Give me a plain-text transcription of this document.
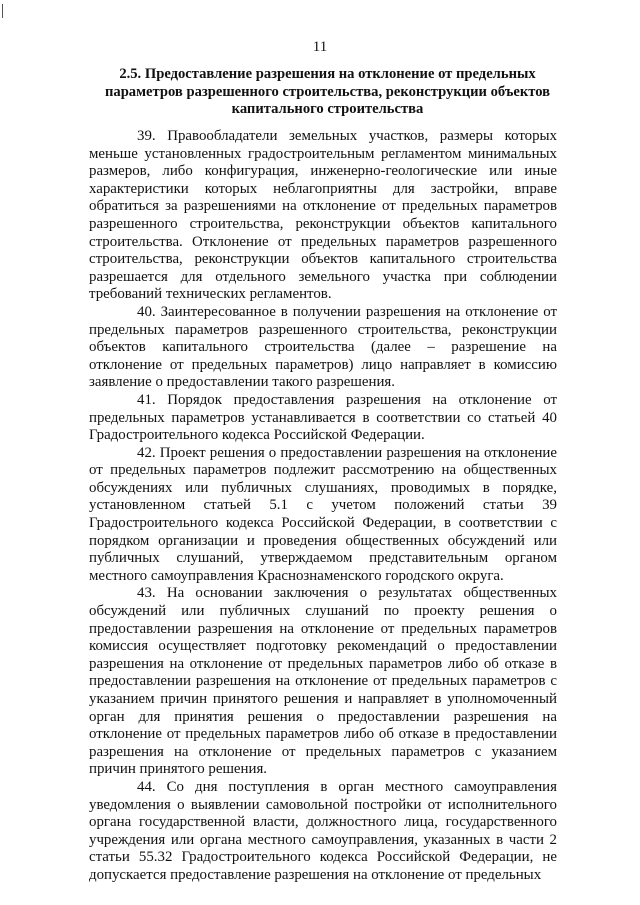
11
2.5. Предоставление разрешения на отклонение от предельных параметров разрешенного строительства, реконструкции объектов капитального строительства

39. Правообладатели земельных участков, размеры которых меньше установленных градостроительным регламентом минимальных размеров, либо конфигурация, инженерно-геологические или иные характеристики которых неблагоприятны для застройки, вправе обратиться за разрешениями на отклонение от предельных параметров разрешенного строительства, реконструкции объектов капитального строительства. Отклонение от предельных параметров разрешенного строительства, реконструкции объектов капитального строительства разрешается для отдельного земельного участка при соблюдении требований технических регламентов.

40. Заинтересованное в получении разрешения на отклонение от предельных параметров разрешенного строительства, реконструкции объектов капитального строительства (далее – разрешение на отклонение от предельных параметров) лицо направляет в комиссию заявление о предоставлении такого разрешения.

41. Порядок предоставления разрешения на отклонение от предельных параметров устанавливается в соответствии со статьей 40 Градостроительного кодекса Российской Федерации.

42. Проект решения о предоставлении разрешения на отклонение от предельных параметров подлежит рассмотрению на общественных обсуждениях или публичных слушаниях, проводимых в порядке, установленном статьей 5.1 с учетом положений статьи 39 Градостроительного кодекса Российской Федерации, в соответствии с порядком организации и проведения общественных обсуждений или публичных слушаний, утверждаемом представительным органом местного самоуправления Краснознаменского городского округа.

43. На основании заключения о результатах общественных обсуждений или публичных слушаний по проекту решения о предоставлении разрешения на отклонение от предельных параметров комиссия осуществляет подготовку рекомендаций о предоставлении разрешения на отклонение от предельных параметров либо об отказе в предоставлении разрешения на отклонение от предельных параметров с указанием причин принятого решения и направляет в уполномоченный орган для принятия решения о предоставлении разрешения на отклонение от предельных параметров либо об отказе в предоставлении разрешения на отклонение от предельных параметров с указанием причин принятого решения.

44. Со дня поступления в орган местного самоуправления уведомления о выявлении самовольной постройки от исполнительного органа государственной власти, должностного лица, государственного учреждения или органа местного самоуправления, указанных в части 2 статьи 55.32 Градостроительного кодекса Российской Федерации, не допускается предоставление разрешения на отклонение от предельных
